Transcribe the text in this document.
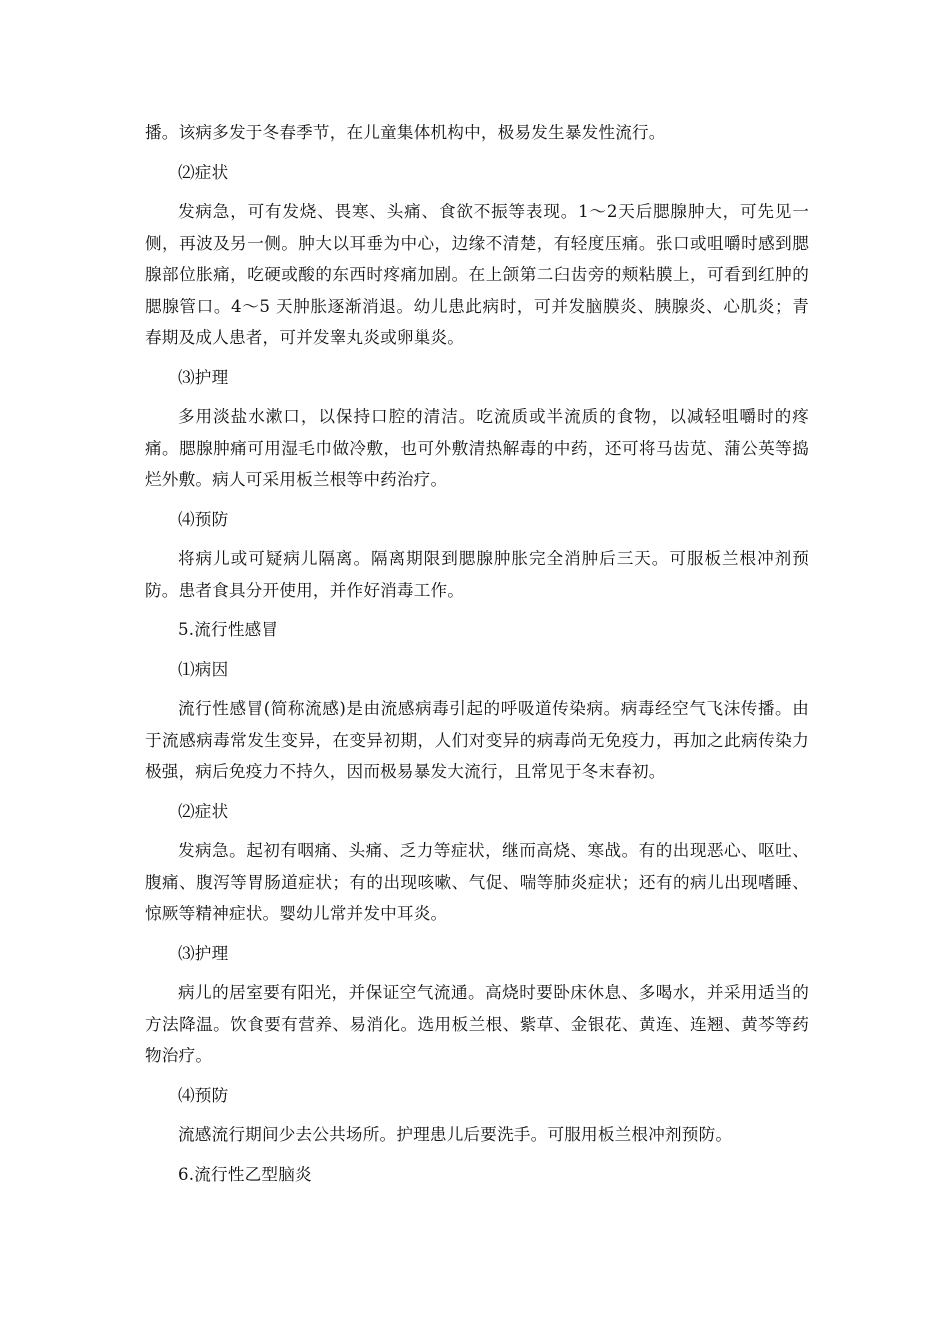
播。该病多发于冬春季节，在儿童集体机构中，极易发生暴发性流行。

⑵症状

发病急，可有发烧、畏寒、头痛、食欲不振等表现。1～2天后腮腺肿大，可先见一侧，再波及另一侧。肿大以耳垂为中心，边缘不清楚，有轻度压痛。张口或咀嚼时感到腮腺部位胀痛，吃硬或酸的东西时疼痛加剧。在上颌第二臼齿旁的颊粘膜上，可看到红肿的腮腺管口。4～5 天肿胀逐渐消退。幼儿患此病时，可并发脑膜炎、胰腺炎、心肌炎；青春期及成人患者，可并发睾丸炎或卵巢炎。

⑶护理

多用淡盐水漱口，以保持口腔的清洁。吃流质或半流质的食物，以减轻咀嚼时的疼痛。腮腺肿痛可用湿毛巾做冷敷，也可外敷清热解毒的中药，还可将马齿苋、蒲公英等捣烂外敷。病人可采用板兰根等中药治疗。

⑷预防

将病儿或可疑病儿隔离。隔离期限到腮腺肿胀完全消肿后三天。可服板兰根冲剂预防。患者食具分开使用，并作好消毒工作。

5.流行性感冒

⑴病因

流行性感冒(简称流感)是由流感病毒引起的呼吸道传染病。病毒经空气飞沫传播。由于流感病毒常发生变异，在变异初期，人们对变异的病毒尚无免疫力，再加之此病传染力极强，病后免疫力不持久，因而极易暴发大流行，且常见于冬末春初。

⑵症状

发病急。起初有咽痛、头痛、乏力等症状，继而高烧、寒战。有的出现恶心、呕吐、腹痛、腹泻等胃肠道症状；有的出现咳嗽、气促、喘等肺炎症状；还有的病儿出现嗜睡、惊厥等精神症状。婴幼儿常并发中耳炎。

⑶护理

病儿的居室要有阳光，并保证空气流通。高烧时要卧床休息、多喝水，并采用适当的方法降温。饮食要有营养、易消化。选用板兰根、紫草、金银花、黄连、连翘、黄芩等药物治疗。

⑷预防

流感流行期间少去公共场所。护理患儿后要洗手。可服用板兰根冲剂预防。

6.流行性乙型脑炎
